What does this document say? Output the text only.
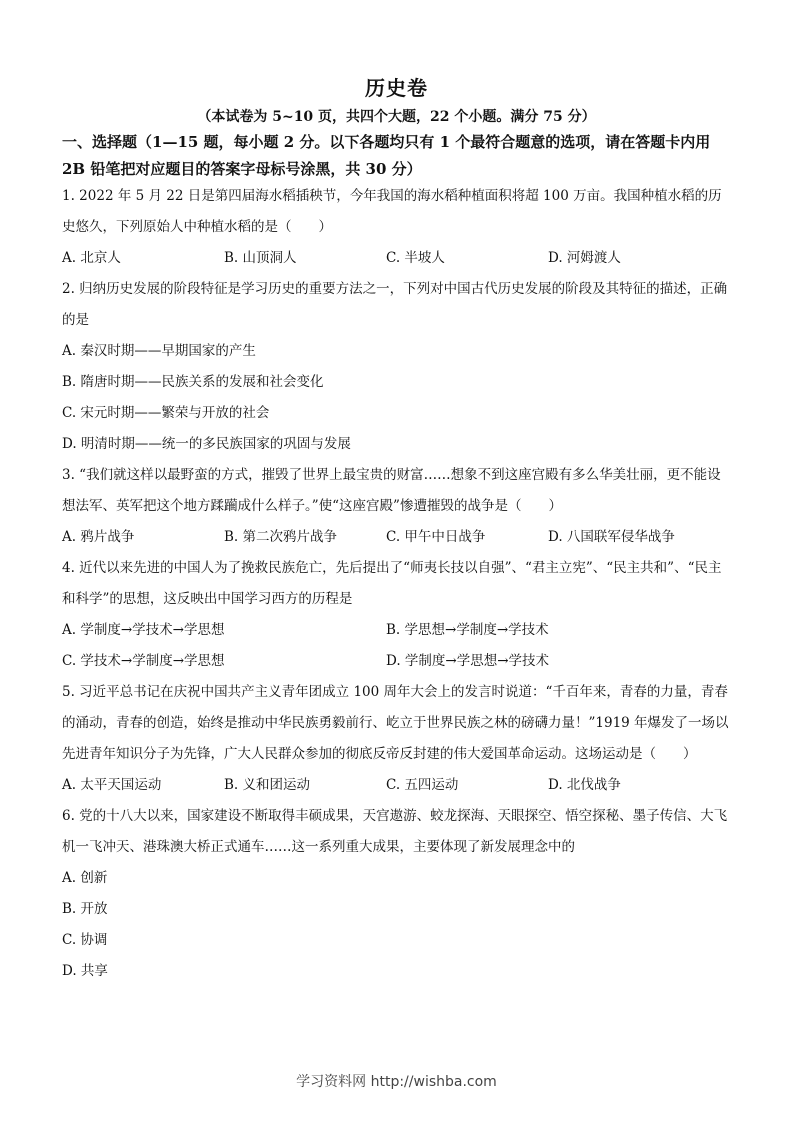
历史卷
（本试卷为 5~10 页，共四个大题，22 个小题。满分 75 分）
一、选择题（1—15 题，每小题 2 分。以下各题均只有 1 个最符合题意的选项，请在答题卡内用 2B 铅笔把对应题目的答案字母标号涂黑，共 30 分）
1. 2022 年 5 月 22 日是第四届海水稻插秧节，今年我国的海水稻种植面积将超 100 万亩。我国种植水稻的历史悠久，下列原始人中种植水稻的是（　　）
A. 北京人	B. 山顶洞人	C. 半坡人	D. 河姆渡人
2. 归纳历史发展的阶段特征是学习历史的重要方法之一，下列对中国古代历史发展的阶段及其特征的描述，正确的是
A. 秦汉时期——早期国家的产生
B. 隋唐时期——民族关系的发展和社会变化
C. 宋元时期——繁荣与开放的社会
D. 明清时期——统一的多民族国家的巩固与发展
3. “我们就这样以最野蛮的方式，摧毁了世界上最宝贵的财富……想象不到这座宫殿有多么华美壮丽，更不能设想法军、英军把这个地方蹂躏成什么样子。”使“这座宫殿”惨遭摧毁的战争是（　　）
A. 鸦片战争	B. 第二次鸦片战争	C. 甲午中日战争	D. 八国联军侵华战争
4. 近代以来先进的中国人为了挽救民族危亡，先后提出了“师夷长技以自强”、“君主立宪”、“民主共和”、“民主和科学”的思想，这反映出中国学习西方的历程是
A. 学制度→学技术→学思想	B. 学思想→学制度→学技术
C. 学技术→学制度→学思想	D. 学制度→学思想→学技术
5. 习近平总书记在庆祝中国共产主义青年团成立 100 周年大会上的发言时说道：“千百年来，青春的力量，青春的涌动，青春的创造，始终是推动中华民族勇毅前行、屹立于世界民族之林的磅礴力量！”1919 年爆发了一场以先进青年知识分子为先锋，广大人民群众参加的彻底反帝反封建的伟大爱国革命运动。这场运动是（　　）
A. 太平天国运动	B. 义和团运动	C. 五四运动	D. 北伐战争
6. 党的十八大以来，国家建设不断取得丰硕成果，天宫遨游、蛟龙探海、天眼探空、悟空探秘、墨子传信、大飞机一飞冲天、港珠澳大桥正式通车……这一系列重大成果，主要体现了新发展理念中的
A. 创新
B. 开放
C. 协调
D. 共享
学习资料网 http://wishba.com
